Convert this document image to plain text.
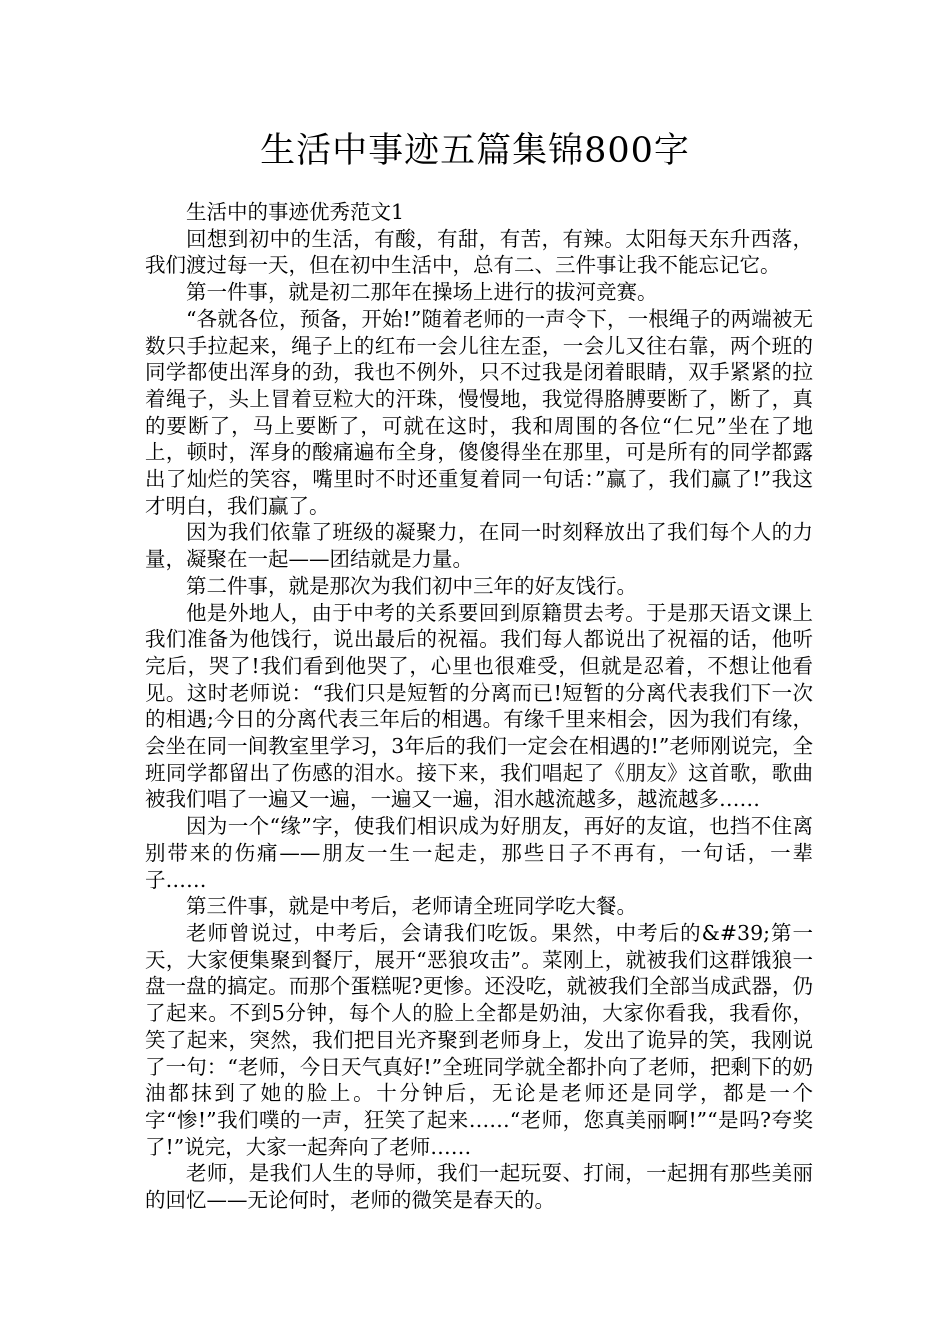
生活中事迹五篇集锦800字

生活中的事迹优秀范文1

回想到初中的生活，有酸，有甜，有苦，有辣。太阳每天东升西落，我们渡过每一天，但在初中生活中，总有二、三件事让我不能忘记它。

第一件事，就是初二那年在操场上进行的拔河竞赛。

“各就各位，预备，开始!”随着老师的一声令下，一根绳子的两端被无数只手拉起来，绳子上的红布一会儿往左歪，一会儿又往右靠，两个班的同学都使出浑身的劲，我也不例外，只不过我是闭着眼睛，双手紧紧的拉着绳子，头上冒着豆粒大的汗珠，慢慢地，我觉得胳膊要断了，断了，真的要断了，马上要断了，可就在这时，我和周围的各位“仁兄”坐在了地上，顿时，浑身的酸痛遍布全身，傻傻得坐在那里，可是所有的同学都露出了灿烂的笑容，嘴里时不时还重复着同一句话：”赢了，我们赢了!”我这才明白，我们赢了。

因为我们依靠了班级的凝聚力，在同一时刻释放出了我们每个人的力量，凝聚在一起——团结就是力量。

第二件事，就是那次为我们初中三年的好友饯行。

他是外地人，由于中考的关系要回到原籍贯去考。于是那天语文课上我们准备为他饯行，说出最后的祝福。我们每人都说出了祝福的话，他听完后，哭了!我们看到他哭了，心里也很难受，但就是忍着，不想让他看见。这时老师说：“我们只是短暂的分离而已!短暂的分离代表我们下一次的相遇;今日的分离代表三年后的相遇。有缘千里来相会，因为我们有缘，会坐在同一间教室里学习，3年后的我们一定会在相遇的!”老师刚说完，全班同学都留出了伤感的泪水。接下来，我们唱起了《朋友》这首歌，歌曲被我们唱了一遍又一遍，一遍又一遍，泪水越流越多，越流越多……

因为一个“缘”字，使我们相识成为好朋友，再好的友谊，也挡不住离别带来的伤痛——朋友一生一起走，那些日子不再有，一句话，一辈子……

第三件事，就是中考后，老师请全班同学吃大餐。

老师曾说过，中考后，会请我们吃饭。果然，中考后的&#39;第一天，大家便集聚到餐厅，展开“恶狼攻击”。菜刚上，就被我们这群饿狼一盘一盘的搞定。而那个蛋糕呢?更惨。还没吃，就被我们全部当成武器，仍了起来。不到5分钟，每个人的脸上全都是奶油，大家你看我，我看你，笑了起来，突然，我们把目光齐聚到老师身上，发出了诡异的笑，我刚说了一句：“老师，今日天气真好!”全班同学就全都扑向了老师，把剩下的奶油都抹到了她的脸上。十分钟后，无论是老师还是同学，都是一个字“惨!”我们噗的一声，狂笑了起来……“老师，您真美丽啊!”“是吗?夸奖了!”说完，大家一起奔向了老师……

老师，是我们人生的导师，我们一起玩耍、打闹，一起拥有那些美丽的回忆——无论何时，老师的微笑是春天的。
